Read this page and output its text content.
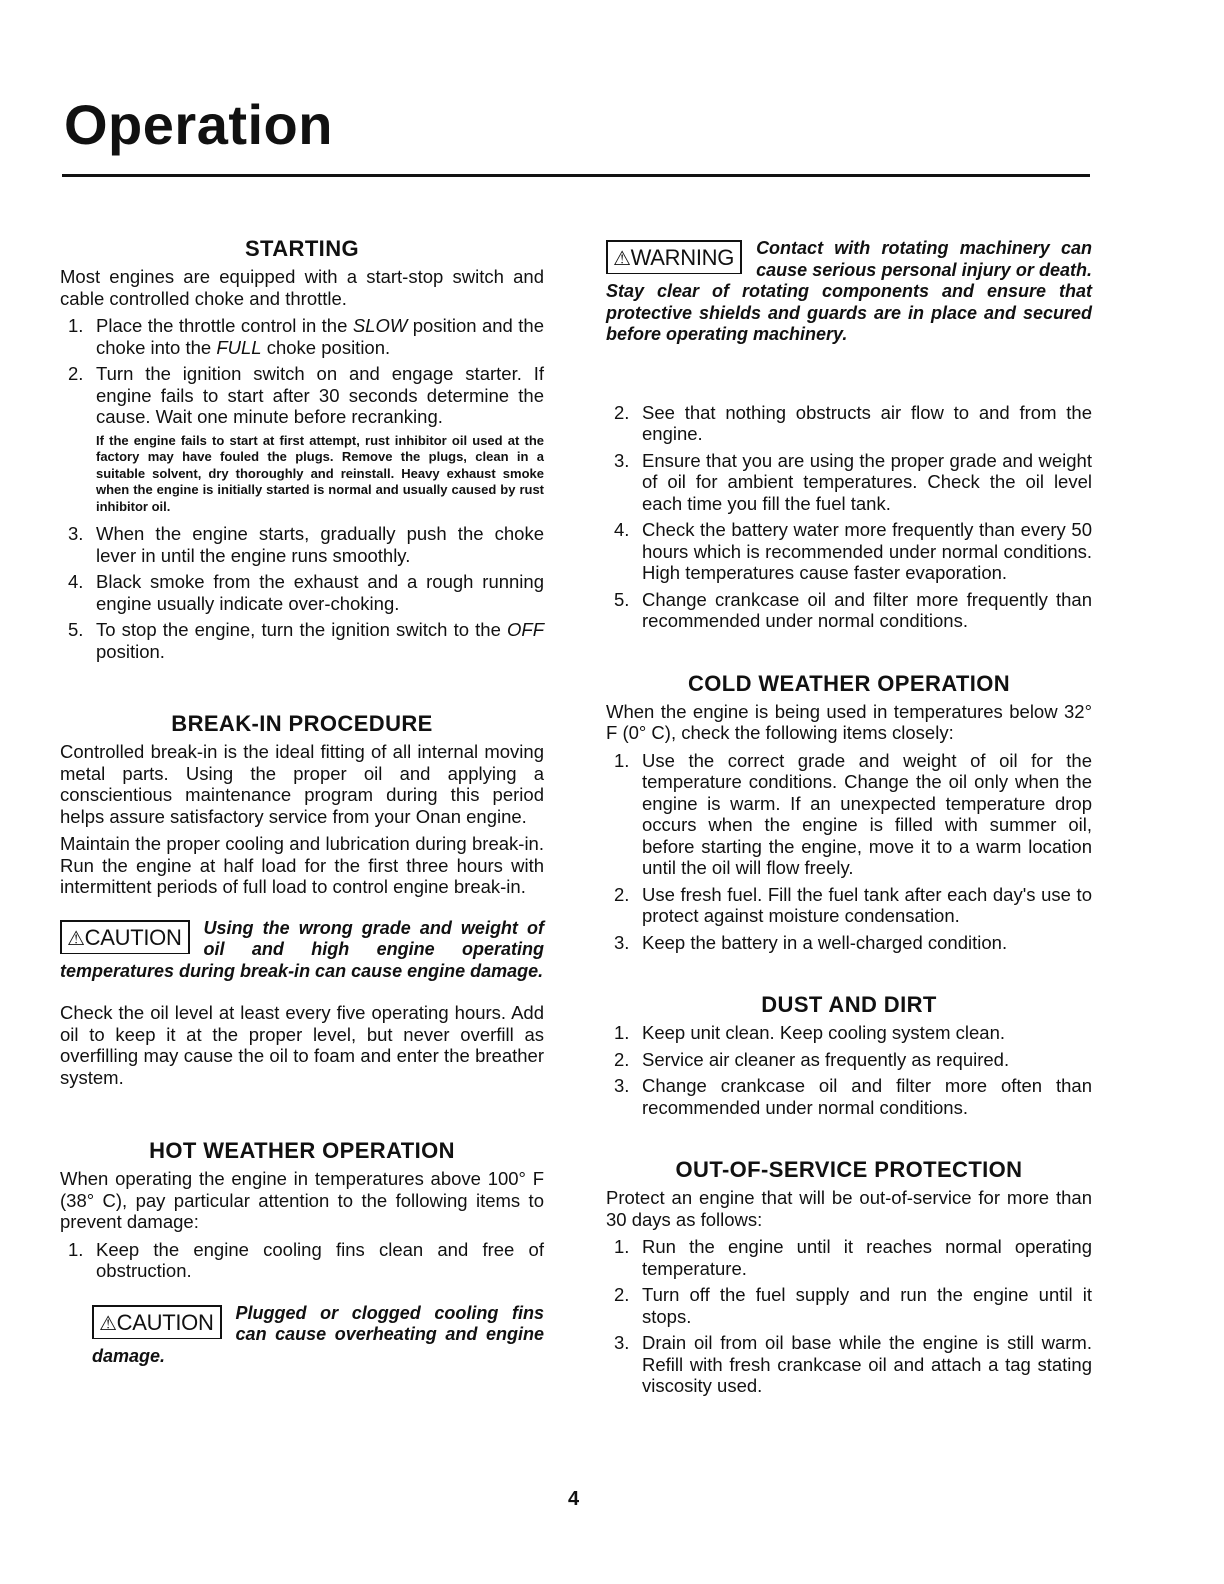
Operation
STARTING

Most engines are equipped with a start-stop switch and cable controlled choke and throttle.

1. Place the throttle control in the SLOW position and the choke into the FULL choke position.
2. Turn the ignition switch on and engage starter. If engine fails to start after 30 seconds determine the cause. Wait one minute before recranking.
If the engine fails to start at first attempt, rust inhibitor oil used at the factory may have fouled the plugs. Remove the plugs, clean in a suitable solvent, dry thoroughly and reinstall. Heavy exhaust smoke when the engine is initially started is normal and usually caused by rust inhibitor oil.
3. When the engine starts, gradually push the choke lever in until the engine runs smoothly.
4. Black smoke from the exhaust and a rough running engine usually indicate over-choking.
5. To stop the engine, turn the ignition switch to the OFF position.
BREAK-IN PROCEDURE

Controlled break-in is the ideal fitting of all internal moving metal parts. Using the proper oil and applying a conscientious maintenance program during this period helps assure satisfactory service from your Onan engine.

Maintain the proper cooling and lubrication during break-in. Run the engine at half load for the first three hours with intermittent periods of full load to control engine break-in.

⚠CAUTION	Using the wrong grade and weight of oil and high engine operating temperatures during break-in can cause engine damage.

Check the oil level at least every five operating hours. Add oil to keep it at the proper level, but never overfill as overfilling may cause the oil to foam and enter the breather system.

HOT WEATHER OPERATION

When operating the engine in temperatures above 100° F (38° C), pay particular attention to the following items to prevent damage:

1. Keep the engine cooling fins clean and free of obstruction.
⚠CAUTION	Plugged or clogged cooling fins can cause overheating and engine damage.
⚠WARNING	Contact with rotating machinery can cause serious personal injury or death. Stay clear of rotating components and ensure that protective shields and guards are in place and secured before operating machinery.
2. See that nothing obstructs air flow to and from the engine.
3. Ensure that you are using the proper grade and weight of oil for ambient temperatures. Check the oil level each time you fill the fuel tank.
4. Check the battery water more frequently than every 50 hours which is recommended under normal conditions. High temperatures cause faster evaporation.
5. Change crankcase oil and filter more frequently than recommended under normal conditions.
COLD WEATHER OPERATION

When the engine is being used in temperatures below 32° F (0° C), check the following items closely:

1. Use the correct grade and weight of oil for the temperature conditions. Change the oil only when the engine is warm. If an unexpected temperature drop occurs when the engine is filled with summer oil, before starting the engine, move it to a warm location until the oil will flow freely.
2. Use fresh fuel. Fill the fuel tank after each day's use to protect against moisture condensation.
3. Keep the battery in a well-charged condition.
DUST AND DIRT
1. Keep unit clean. Keep cooling system clean.
2. Service air cleaner as frequently as required.
3. Change crankcase oil and filter more often than recommended under normal conditions.
OUT-OF-SERVICE PROTECTION

Protect an engine that will be out-of-service for more than 30 days as follows:

1. Run the engine until it reaches normal operating temperature.
2. Turn off the fuel supply and run the engine until it stops.
3. Drain oil from oil base while the engine is still warm. Refill with fresh crankcase oil and attach a tag stating viscosity used.
4
